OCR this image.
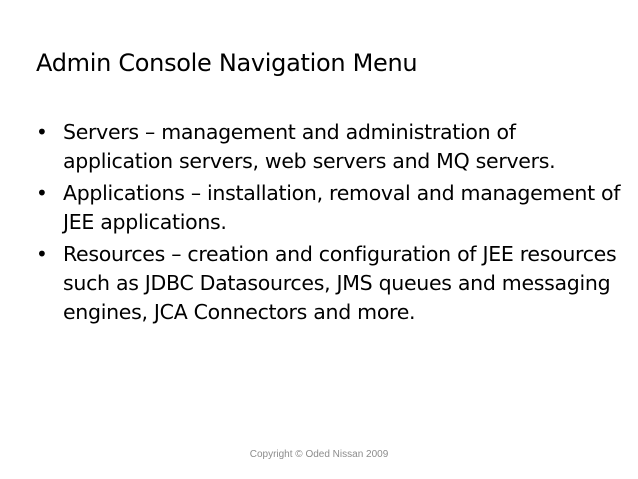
Admin Console Navigation Menu
• Servers – management and administration of application servers, web servers and MQ servers.
• Applications – installation, removal and management of JEE applications.
• Resources – creation and configuration of JEE resources such as JDBC Datasources, JMS queues and messaging engines, JCA Connectors and more.
Copyright © Oded Nissan 2009
